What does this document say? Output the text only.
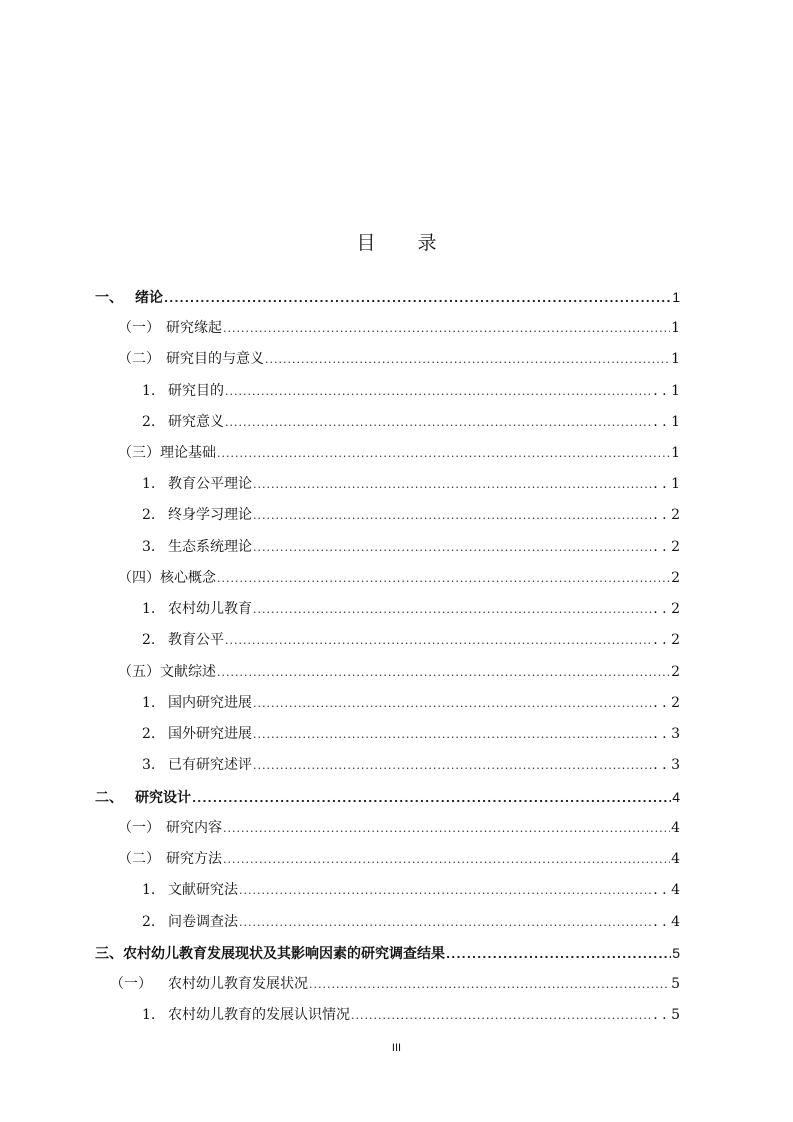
目 录
一、 绪论 .....	1
（一） 研究缘起 .....	1
（二） 研究目的与意义 .....	1
1. 研究目的 .....	. . 1
2. 研究意义 .....	. . 1
（三）理论基础 .....	1
1. 教育公平理论 .....	. . 1
2. 终身学习理论 .....	. . 2
3. 生态系统理论 .....	. . 2
（四）核心概念 .....	2
1. 农村幼儿教育 .....	. . 2
2. 教育公平 .....	. . 2
（五）文献综述 .....	2
1. 国内研究进展 .....	. . 2
2. 国外研究进展 .....	. . 3
3. 已有研究述评 .....	. . 3
二、 研究设计 .....	4
（一） 研究内容 .....	4
（二） 研究方法 .....	4
1. 文献研究法 .....	. . 4
2. 问卷调查法 .....	. . 4
三、农村幼儿教育发展现状及其影响因素的研究调查结果 .....	5
（一） 农村幼儿教育发展状况 .....	5
1. 农村幼儿教育的发展认识情况 .....	. . 5
III
